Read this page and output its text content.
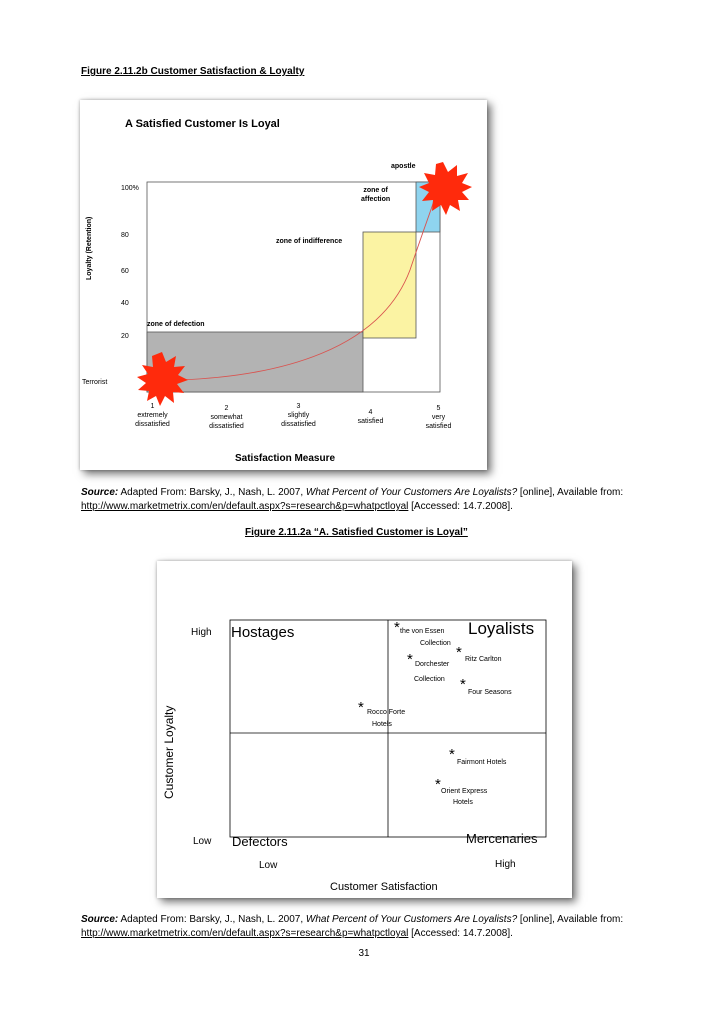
Figure 2.11.2b Customer Satisfaction & Loyalty
A Satisfied Customer Is Loyal
100%
80
60
40
20
Loyalty (Retention)
zone of defection
zone of indifference
zone of
affection
apostle
Terrorist
1
extremely
dissatisfied
2
somewhat
dissatisfied
3
slightly
dissatisfied
4
satisfied
5
very
satisfied
Satisfaction Measure
Source: Adapted From: Barsky, J., Nash, L. 2007, What Percent of Your Customers Are Loyalists? [online], Available from: http://www.marketmetrix.com/en/default.aspx?s=research&p=whatpctloyal [Accessed: 14.7.2008].
Figure 2.11.2a “A. Satisfied Customer is Loyal”
Customer Loyalty
High
Low
Low	High
Customer Satisfaction
Hostages	Loyalists
Defectors	Mercenaries
* the von Essen
Collection
* Ritz Carlton
* Dorchester
Collection * Four Seasons
* Rocco Forte
Hotels
* Fairmont Hotels
* Orient Express
Hotels
Source: Adapted From: Barsky, J., Nash, L. 2007, What Percent of Your Customers Are Loyalists? [online], Available from: http://www.marketmetrix.com/en/default.aspx?s=research&p=whatpctloyal [Accessed: 14.7.2008].
31
